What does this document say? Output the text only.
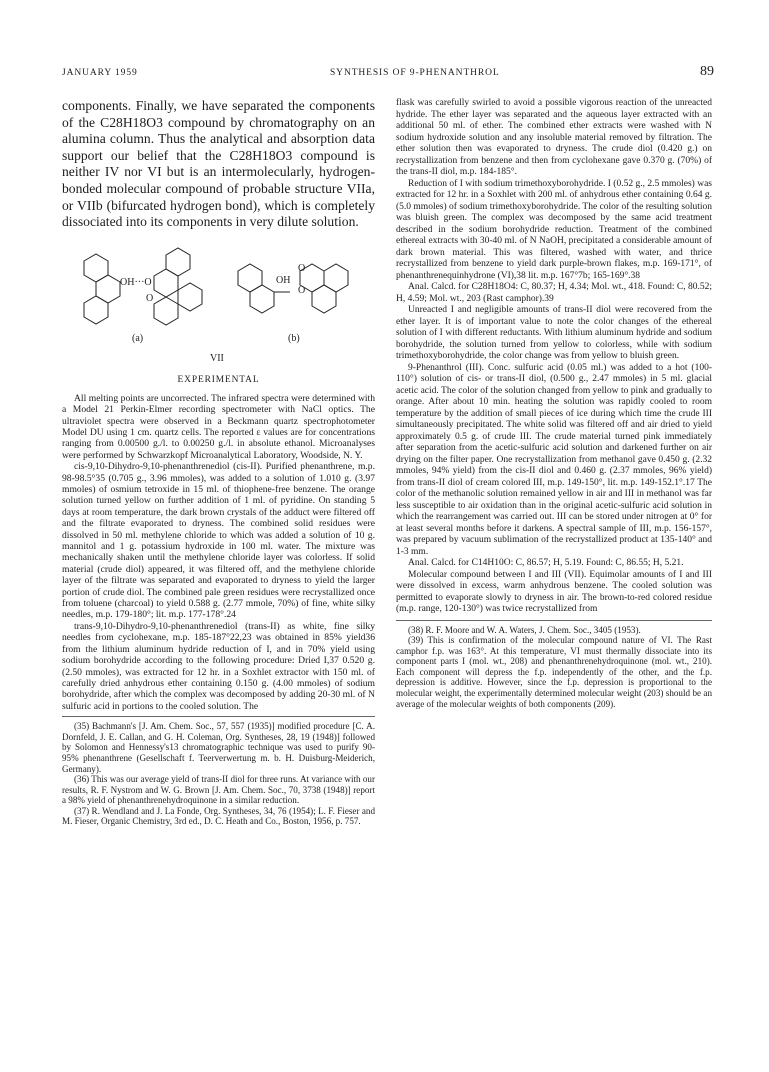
JANUARY 1959	SYNTHESIS OF 9-PHENANTHROL	89

components. Finally, we have separated the components of the C28H18O3 compound by chromatography on an alumina column. Thus the analytical and absorption data support our belief that the C28H18O3 compound is neither IV nor VI but is an intermolecularly, hydrogen-bonded molecular compound of probable structure VIIa, or VIIb (bifurcated hydrogen bond), which is completely dissociated into its components in very dilute solution.

OH···O
O
OH
O
O
(a)	(b)
VII
EXPERIMENTAL

All melting points are uncorrected. The infrared spectra were determined with a Model 21 Perkin-Elmer recording spectrometer with NaCl optics. The ultraviolet spectra were observed in a Beckmann quartz spectrophotometer Model DU using 1 cm. quartz cells. The reported ε values are for concentrations ranging from 0.00500 g./l. to 0.00250 g./l. in absolute ethanol. Microanalyses were performed by Schwarzkopf Microanalytical Laboratory, Woodside, N. Y.

cis-9,10-Dihydro-9,10-phenanthrenediol (cis-II). Purified phenanthrene, m.p. 98-98.5°35 (0.705 g., 3.96 mmoles), was added to a solution of 1.010 g. (3.97 mmoles) of osmium tetroxide in 15 ml. of thiophene-free benzene. The orange solution turned yellow on further addition of 1 ml. of pyridine. On standing 5 days at room temperature, the dark brown crystals of the adduct were filtered off and the filtrate evaporated to dryness. The combined solid residues were dissolved in 50 ml. methylene chloride to which was added a solution of 10 g. mannitol and 1 g. potassium hydroxide in 100 ml. water. The mixture was mechanically shaken until the methylene chloride layer was colorless. If solid material (crude diol) appeared, it was filtered off, and the methylene chloride layer of the filtrate was separated and evaporated to dryness to yield the larger portion of crude diol. The combined pale green residues were recrystallized once from toluene (charcoal) to yield 0.588 g. (2.77 mmole, 70%) of fine, white silky needles, m.p. 179-180°; lit. m.p. 177-178°.24

trans-9,10-Dihydro-9,10-phenanthrenediol (trans-II) as white, fine silky needles from cyclohexane, m.p. 185-187°22,23 was obtained in 85% yield36 from the lithium aluminum hydride reduction of I, and in 70% yield using sodium borohydride according to the following procedure: Dried I,37 0.520 g. (2.50 mmoles), was extracted for 12 hr. in a Soxhlet extractor with 150 ml. of carefully dried anhydrous ether containing 0.150 g. (4.00 mmoles) of sodium borohydride, after which the complex was decomposed by adding 20-30 ml. of N sulfuric acid in portions to the cooled solution. The

(35) Bachmann's [J. Am. Chem. Soc., 57, 557 (1935)] modified procedure [C. A. Dornfeld, J. E. Callan, and G. H. Coleman, Org. Syntheses, 28, 19 (1948)] followed by Solomon and Hennessy's13 chromatographic technique was used to purify 90-95% phenanthrene (Gesellschaft f. Teerverwertung m. b. H. Duisburg-Meiderich, Germany).

(36) This was our average yield of trans-II diol for three runs. At variance with our results, R. F. Nystrom and W. G. Brown [J. Am. Chem. Soc., 70, 3738 (1948)] report a 98% yield of phenanthrenehydroquinone in a similar reduction.

(37) R. Wendland and J. La Fonde, Org. Syntheses, 34, 76 (1954); L. F. Fieser and M. Fieser, Organic Chemistry, 3rd ed., D. C. Heath and Co., Boston, 1956, p. 757.

flask was carefully swirled to avoid a possible vigorous reaction of the unreacted hydride. The ether layer was separated and the aqueous layer extracted with an additional 50 ml. of ether. The combined ether extracts were washed with N sodium hydroxide solution and any insoluble material removed by filtration. The ether solution then was evaporated to dryness. The crude diol (0.420 g.) on recrystallization from benzene and then from cyclohexane gave 0.370 g. (70%) of the trans-II diol, m.p. 184-185°.

Reduction of I with sodium trimethoxyborohydride. I (0.52 g., 2.5 mmoles) was extracted for 12 hr. in a Soxhlet with 200 ml. of anhydrous ether containing 0.64 g. (5.0 mmoles) of sodium trimethoxyborohydride. The color of the resulting solution was bluish green. The complex was decomposed by the same acid treatment described in the sodium borohydride reduction. Treatment of the combined ethereal extracts with 30-40 ml. of N NaOH, precipitated a considerable amount of dark brown material. This was filtered, washed with water, and thrice recrystallized from benzene to yield dark purple-brown flakes, m.p. 169-171°, of phenanthrenequinhydrone (VI),38 lit. m.p. 167°7b; 165-169°.38

Anal. Calcd. for C28H18O4: C, 80.37; H, 4.34; Mol. wt., 418. Found: C, 80.52; H, 4.59; Mol. wt., 203 (Rast camphor).39

Unreacted I and negligible amounts of trans-II diol were recovered from the ether layer. It is of important value to note the color changes of the ethereal solution of I with different reductants. With lithium aluminum hydride and sodium borohydride, the solution turned from yellow to colorless, while with sodium trimethoxyborohydride, the color change was from yellow to bluish green.

9-Phenanthrol (III). Conc. sulfuric acid (0.05 ml.) was added to a hot (100-110°) solution of cis- or trans-II diol, (0.500 g., 2.47 mmoles) in 5 ml. glacial acetic acid. The color of the solution changed from yellow to pink and gradually to orange. After about 10 min. heating the solution was rapidly cooled to room temperature by the addition of small pieces of ice during which time the crude III simultaneously precipitated. The white solid was filtered off and air dried to yield approximately 0.5 g. of crude III. The crude material turned pink immediately after separation from the acetic-sulfuric acid solution and darkened further on air drying on the filter paper. One recrystallization from methanol gave 0.450 g. (2.32 mmoles, 94% yield) from the cis-II diol and 0.460 g. (2.37 mmoles, 96% yield) from trans-II diol of cream colored III, m.p. 149-150°, lit. m.p. 149-152.1°.17 The color of the methanolic solution remained yellow in air and III in methanol was far less susceptible to air oxidation than in the original acetic-sulfuric acid solution in which the rearrangement was carried out. III can be stored under nitrogen at 0° for at least several months before it darkens. A spectral sample of III, m.p. 156-157°, was prepared by vacuum sublimation of the recrystallized product at 135-140° and 1-3 mm.

Anal. Calcd. for C14H10O: C, 86.57; H, 5.19. Found: C, 86.55; H, 5.21.

Molecular compound between I and III (VII). Equimolar amounts of I and III were dissolved in excess, warm anhydrous benzene. The cooled solution was permitted to evaporate slowly to dryness in air. The brown-to-red colored residue (m.p. range, 120-130°) was twice recrystallized from

(38) R. F. Moore and W. A. Waters, J. Chem. Soc., 3405 (1953).

(39) This is confirmation of the molecular compound nature of VI. The Rast camphor f.p. was 163°. At this temperature, VI must thermally dissociate into its component parts I (mol. wt., 208) and phenanthrenehydroquinone (mol. wt., 210). Each component will depress the f.p. independently of the other, and the f.p. depression is additive. However, since the f.p. depression is proportional to the molecular weight, the experimentally determined molecular weight (203) should be an average of the molecular weights of both components (209).
